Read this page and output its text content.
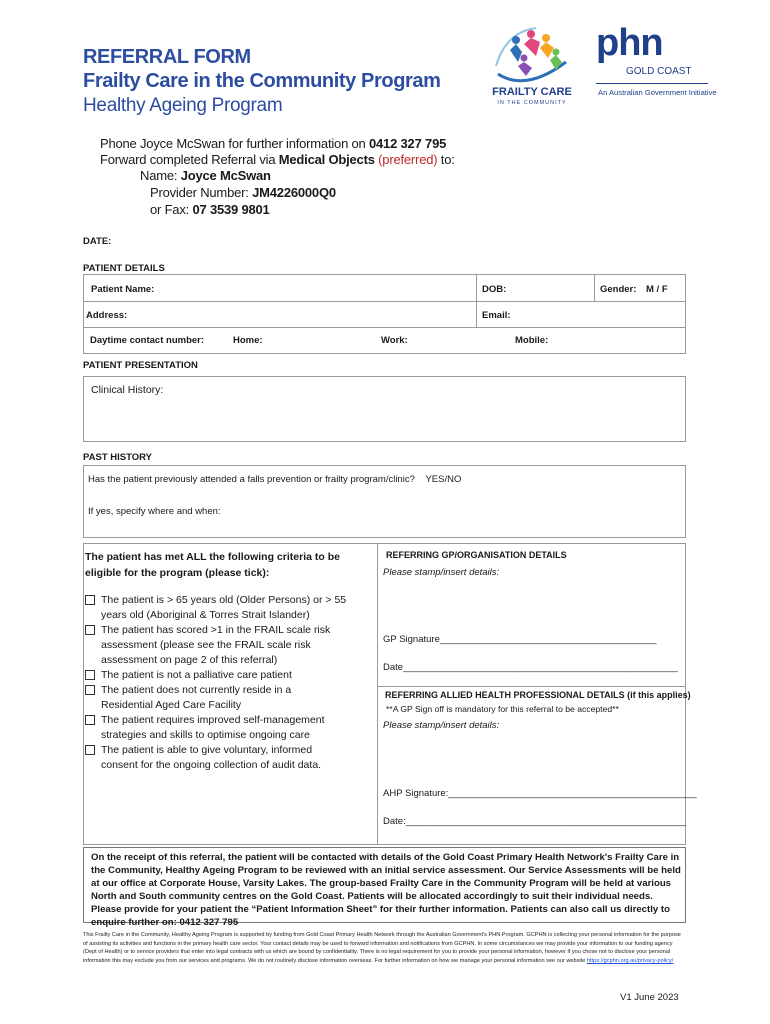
REFERRAL FORM
Frailty Care in the Community Program
Healthy Ageing Program
FRAILTY CARE
IN THE COMMUNITY
phn
GOLD COAST
An Australian Government Initiative
Phone Joyce McSwan for further information on 0412 327 795
Forward completed Referral via Medical Objects (preferred) to:
Name: Joyce McSwan
Provider Number: JM4226000Q0
or Fax: 07 3539 9801
DATE:
PATIENT DETAILS
Patient Name:	DOB:	Gender: M / F
Address:	Email:
Daytime contact number:	Home:	Work:	Mobile:
PATIENT PRESENTATION
Clinical History:
PAST HISTORY
Has the patient previously attended a falls prevention or frailty program/clinic? YES/NO
If yes, specify where and when:
The patient has met ALL the following criteria to be
eligible for the program (please tick):
The patient is > 65 years old (Older Persons) or > 55
years old (Aboriginal & Torres Strait Islander)
The patient has scored >1 in the FRAIL scale risk
assessment (please see the FRAIL scale risk
assessment on page 2 of this referral)
The patient is not a palliative care patient
The patient does not currently reside in a
Residential Aged Care Facility
The patient requires improved self-management
strategies and skills to optimise ongoing care
The patient is able to give voluntary, informed
consent for the ongoing collection of audit data.
REFERRING GP/ORGANISATION DETAILS
Please stamp/insert details:
GP Signature_________________________________________
Date____________________________________________________
REFERRING ALLIED HEALTH PROFESSIONAL DETAILS (if this applies)
**A GP Sign off is mandatory for this referral to be accepted**
Please stamp/insert details:
AHP Signature:_______________________________________________
Date:_____________________________________________________
On the receipt of this referral, the patient will be contacted with details of the Gold Coast Primary Health Network's Frailty Care in the Community, Healthy Ageing Program to be reviewed with an initial service assessment. Our Service Assessments will be held at our office at Corporate House, Varsity Lakes. The group-based Frailty Care in the Community Program will be held at various North and South community centres on the Gold Coast. Patients will be allocated accordingly to suit their individual needs. Please provide for your patient the “Patient Information Sheet” for their further information. Patients can also call us directly to enquire further on: 0412 327 795
This Frailty Care in the Community, Healthy Ageing Program is supported by funding from Gold Coast Primary Health Network through the Australian Government's PHN Program. GCPHN is collecting your personal information for the purpose of assisting its activities and functions in the primary health care sector. Your contact details may be used to forward information and notifications from GCPHN. In some circumstances we may provide your information to our funding agency (Dept of Health) or to service providers that enter into legal contracts with us which are bound by confidentiality. There is no legal requirement for you to provide your personal information, however if you chose not to disclose your personal information this may exclude you from our services and programs. We do not routinely disclose information overseas. For further information on how we manage your personal information see our website https://gcphn.org.au/privacy-policy/
V1 June 2023
